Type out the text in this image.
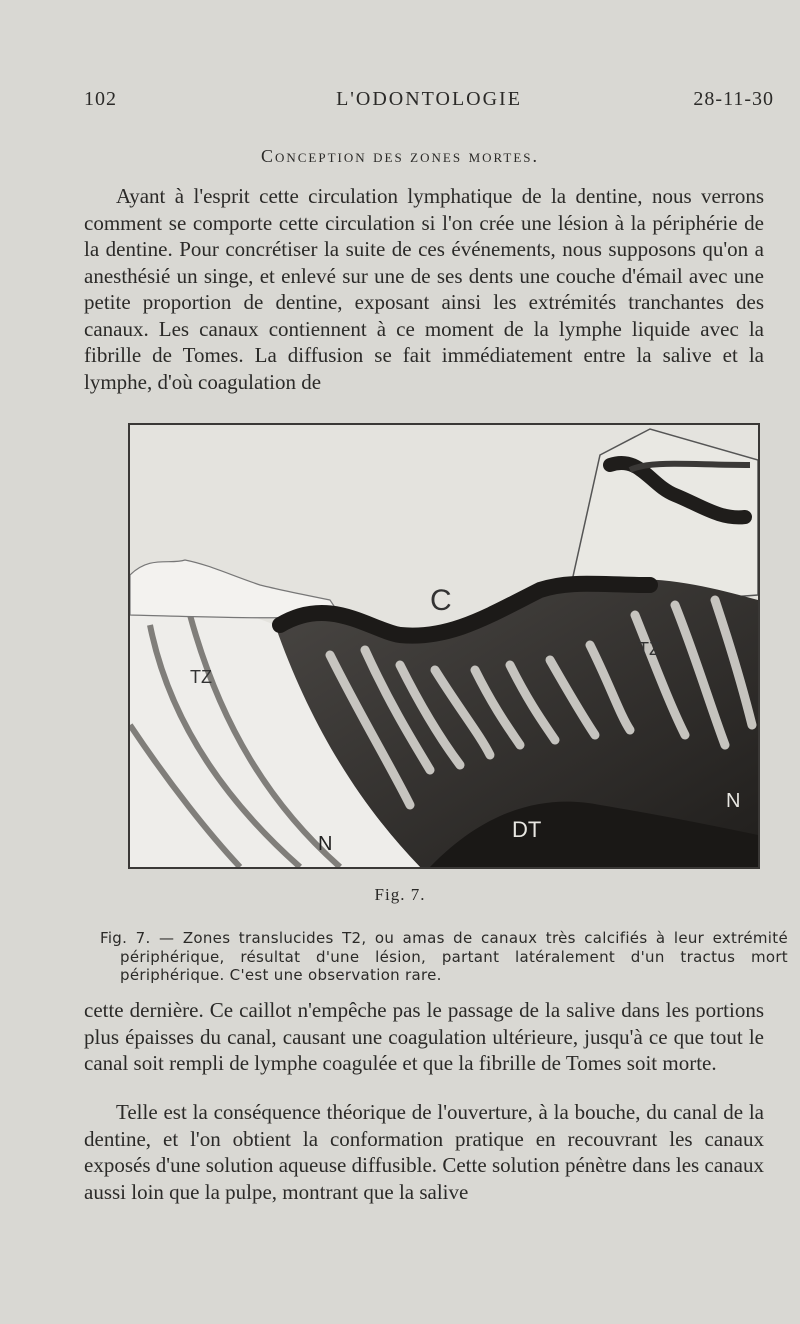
102	L'ODONTOLOGIE	28-11-30
Conception des zones mortes.

Ayant à l'esprit cette circulation lymphatique de la dentine, nous verrons comment se comporte cette circulation si l'on crée une lésion à la périphérie de la dentine. Pour concrétiser la suite de ces événements, nous supposons qu'on a anesthésié un singe, et enlevé sur une de ses dents une couche d'émail avec une petite proportion de dentine, exposant ainsi les extrémités tranchantes des canaux. Les canaux contiennent à ce moment de la lymphe liquide avec la fibrille de Tomes. La diffusion se fait immédiatement entre la salive et la lymphe, d'où coagulation de

C
TZ
TZ
DT
N
N
Fig. 7.

Fig. 7. — Zones translucides T2, ou amas de canaux très calcifiés à leur extrémité périphérique, résultat d'une lésion, partant latéralement d'un tractus mort périphérique. C'est une observation rare.

cette dernière. Ce caillot n'empêche pas le passage de la salive dans les portions plus épaisses du canal, causant une coagulation ultérieure, jusqu'à ce que tout le canal soit rempli de lymphe coagulée et que la fibrille de Tomes soit morte.

Telle est la conséquence théorique de l'ouverture, à la bouche, du canal de la dentine, et l'on obtient la conformation pratique en recouvrant les canaux exposés d'une solution aqueuse diffusible. Cette solution pénètre dans les canaux aussi loin que la pulpe, montrant que la salive
